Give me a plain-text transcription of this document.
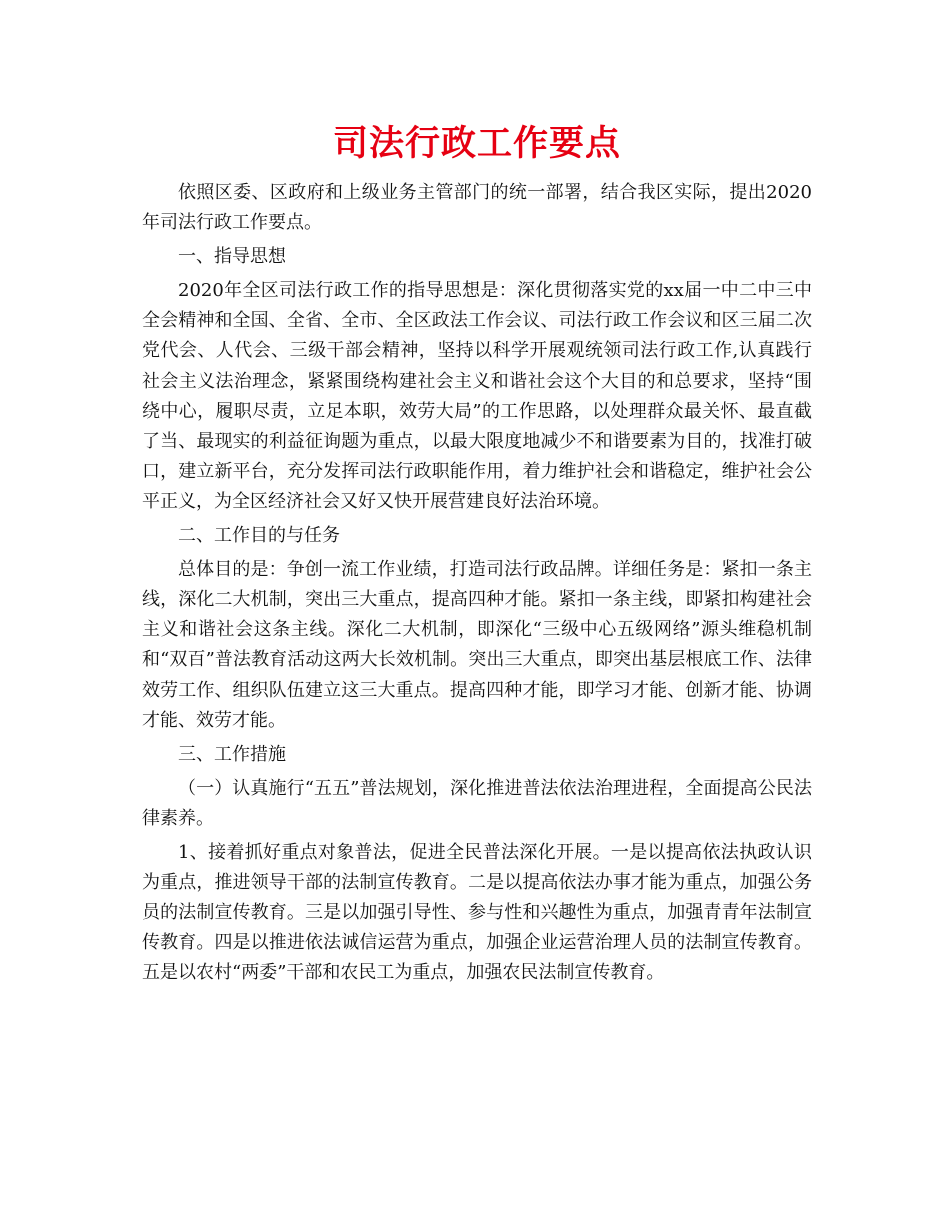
司法行政工作要点

依照区委、区政府和上级业务主管部门的统一部署，结合我区实际，提出2020年司法行政工作要点。

一、指导思想

2020年全区司法行政工作的指导思想是：深化贯彻落实党的xx届一中二中三中全会精神和全国、全省、全市、全区政法工作会议、司法行政工作会议和区三届二次党代会、人代会、三级干部会精神，坚持以科学开展观统领司法行政工作,认真践行社会主义法治理念，紧紧围绕构建社会主义和谐社会这个大目的和总要求，坚持“围绕中心，履职尽责，立足本职，效劳大局”的工作思路，以处理群众最关怀、最直截了当、最现实的利益征询题为重点，以最大限度地减少不和谐要素为目的，找准打破口，建立新平台，充分发挥司法行政职能作用，着力维护社会和谐稳定，维护社会公平正义，为全区经济社会又好又快开展营建良好法治环境。

二、工作目的与任务

总体目的是：争创一流工作业绩，打造司法行政品牌。详细任务是：紧扣一条主线，深化二大机制，突出三大重点，提高四种才能。紧扣一条主线，即紧扣构建社会主义和谐社会这条主线。深化二大机制，即深化“三级中心五级网络”源头维稳机制和“双百”普法教育活动这两大长效机制。突出三大重点，即突出基层根底工作、法律效劳工作、组织队伍建立这三大重点。提高四种才能，即学习才能、创新才能、协调才能、效劳才能。

三、工作措施

（一）认真施行“五五”普法规划，深化推进普法依法治理进程，全面提高公民法律素养。

1、接着抓好重点对象普法，促进全民普法深化开展。一是以提高依法执政认识为重点，推进领导干部的法制宣传教育。二是以提高依法办事才能为重点，加强公务员的法制宣传教育。三是以加强引导性、参与性和兴趣性为重点，加强青青年法制宣传教育。四是以推进依法诚信运营为重点，加强企业运营治理人员的法制宣传教育。五是以农村“两委”干部和农民工为重点，加强农民法制宣传教育。
